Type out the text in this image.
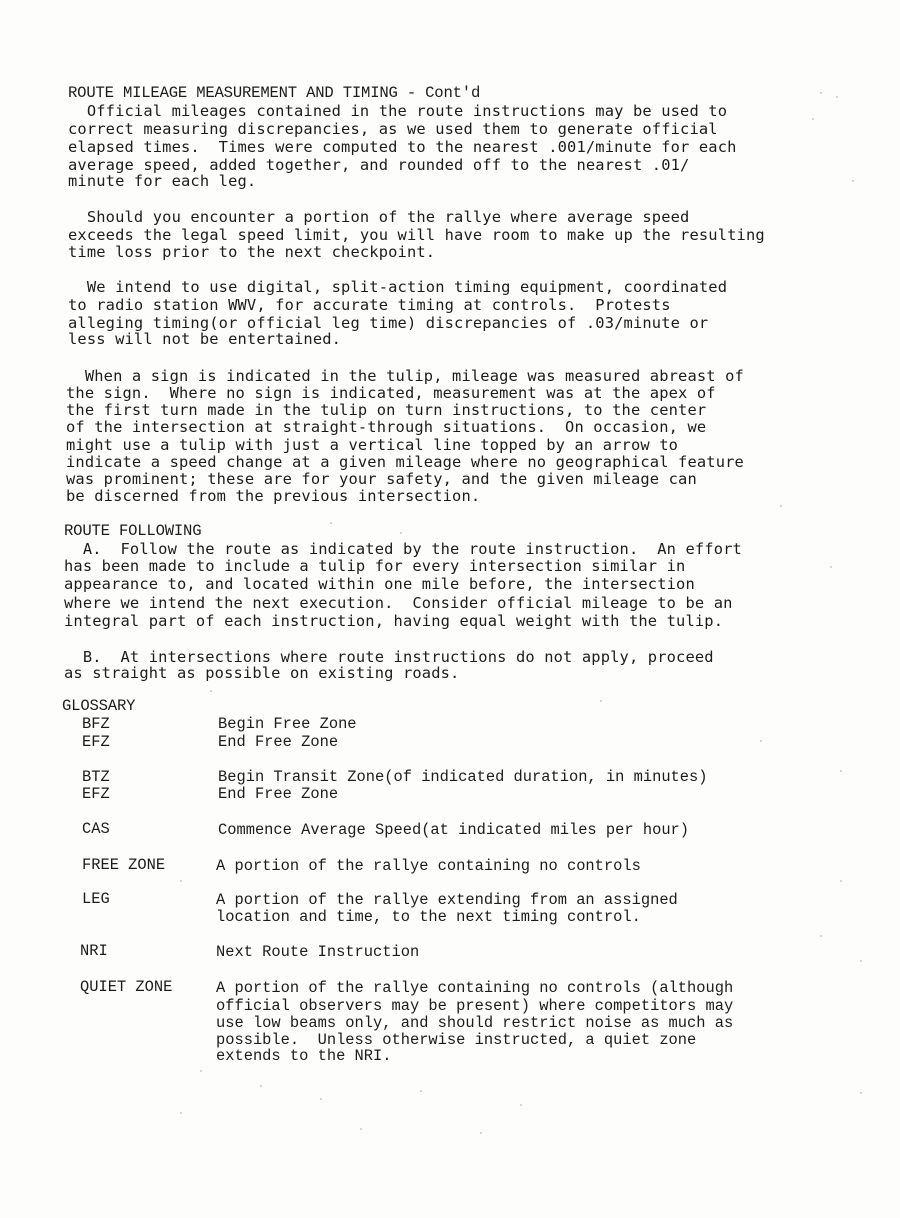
ROUTE MILEAGE MEASUREMENT AND TIMING - Cont'd
Official mileages contained in the route instructions may be used to
correct measuring discrepancies, as we used them to generate official
elapsed times.  Times were computed to the nearest .001/minute for each
average speed, added together, and rounded off to the nearest .01/
minute for each leg.
Should you encounter a portion of the rallye where average speed
exceeds the legal speed limit, you will have room to make up the resulting
time loss prior to the next checkpoint.
We intend to use digital, split-action timing equipment, coordinated
to radio station WWV, for accurate timing at controls.  Protests
alleging timing(or official leg time) discrepancies of .03/minute or
less will not be entertained.
When a sign is indicated in the tulip, mileage was measured abreast of
the sign.  Where no sign is indicated, measurement was at the apex of
the first turn made in the tulip on turn instructions, to the center
of the intersection at straight-through situations.  On occasion, we
might use a tulip with just a vertical line topped by an arrow to
indicate a speed change at a given mileage where no geographical feature
was prominent; these are for your safety, and the given mileage can
be discerned from the previous intersection.
ROUTE FOLLOWING
A.  Follow the route as indicated by the route instruction.  An effort
has been made to include a tulip for every intersection similar in
appearance to, and located within one mile before, the intersection
where we intend the next execution.  Consider official mileage to be an
integral part of each instruction, having equal weight with the tulip.
B.  At intersections where route instructions do not apply, proceed
as straight as possible on existing roads.
GLOSSARY
BFZ	Begin Free Zone
EFZ	End Free Zone
BTZ	Begin Transit Zone(of indicated duration, in minutes)
EFZ	End Free Zone
CAS	Commence Average Speed(at indicated miles per hour)
FREE ZONE	A portion of the rallye containing no controls
LEG	A portion of the rallye extending from an assigned
location and time, to the next timing control.
NRI	Next Route Instruction
QUIET ZONE	A portion of the rallye containing no controls (although
official observers may be present) where competitors may
use low beams only, and should restrict noise as much as
possible.  Unless otherwise instructed, a quiet zone
extends to the NRI.
